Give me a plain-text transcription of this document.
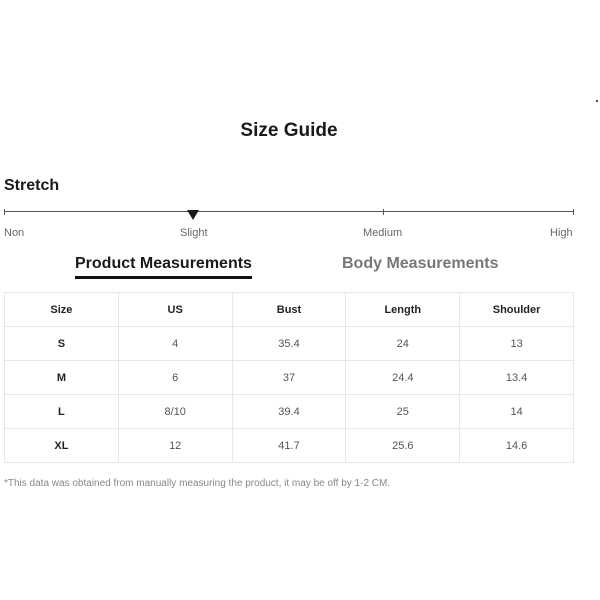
Size Guide
Stretch
Non	Slight	Medium	High
Product Measurements	Body Measurements
Size	US	Bust	Length	Shoulder
S	4	35.4	24	13
M	6	37	24.4	13.4
L	8/10	39.4	25	14
XL	12	41.7	25.6	14.6
*This data was obtained from manually measuring the product, it may be off by 1-2 CM.
